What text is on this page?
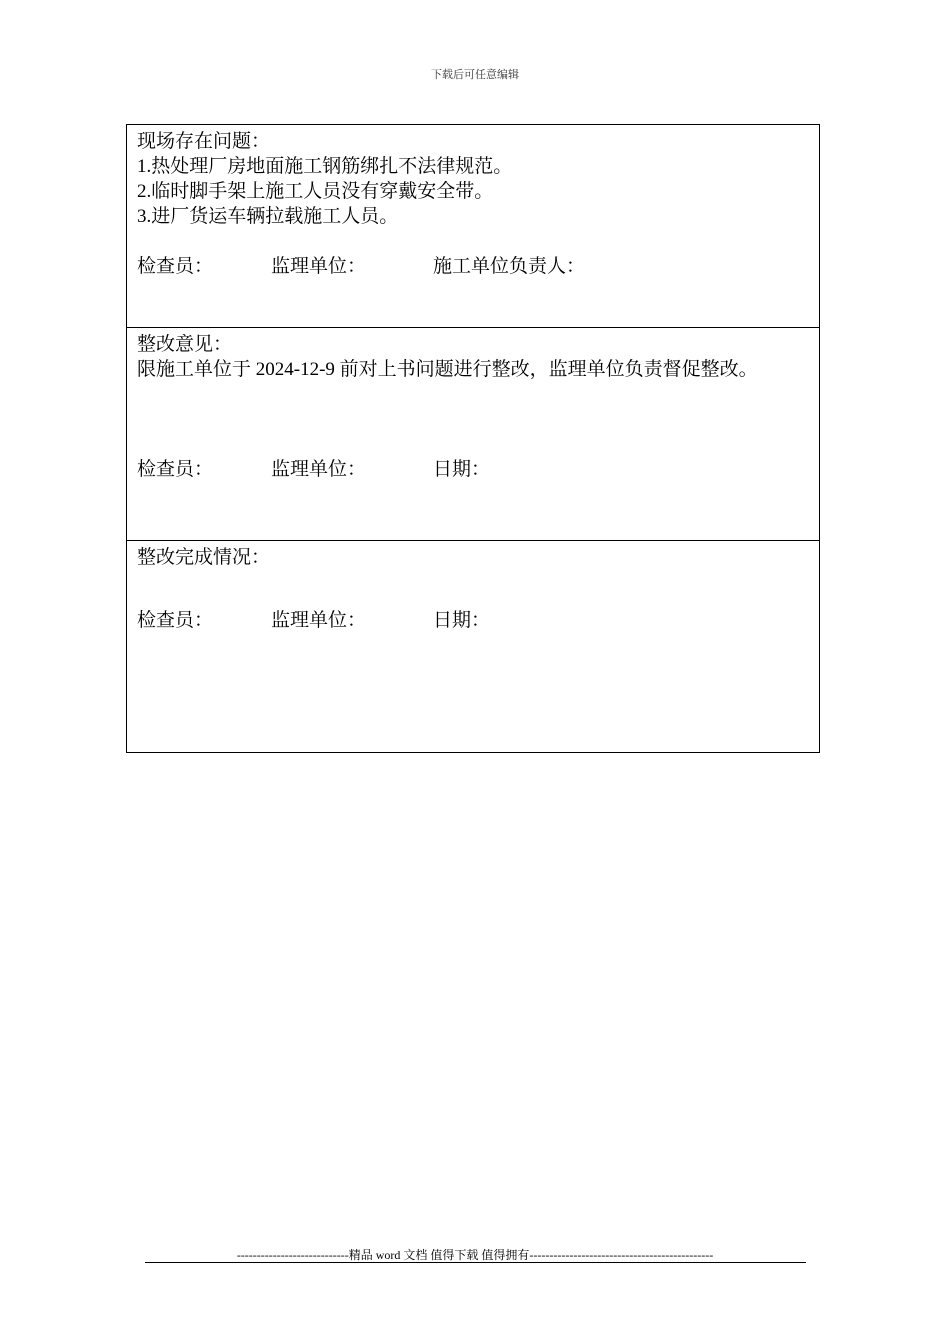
下载后可任意编辑
现场存在问题：
1.热处理厂房地面施工钢筋绑扎不法律规范。
2.临时脚手架上施工人员没有穿戴安全带。
3.进厂货运车辆拉载施工人员。
检查员：	监理单位：	施工单位负责人：
整改意见：
限施工单位于 2024-12-9 前对上书问题进行整改，监理单位负责督促整改。
检查员：	监理单位：	日期：
整改完成情况：
检查员：	监理单位：	日期：
----------------------------精品 word 文档 值得下载 值得拥有----------------------------------------------
